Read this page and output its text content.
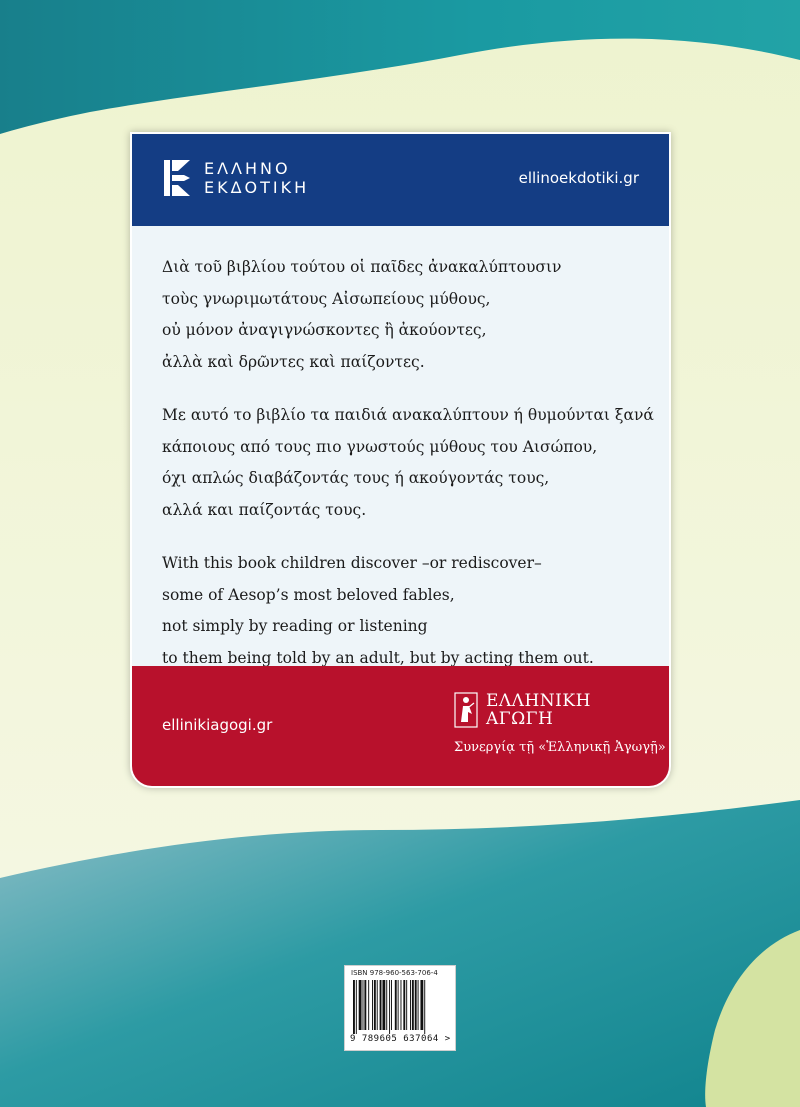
ΕΛΛΗΝΟ
ΕΚΔΟΤΙΚΗ	ellinoekdotiki.gr

Διὰ τοῦ βιβλίου τούτου οἱ παῖδες ἀνακαλύπτουσιν
τοὺς γνωριμωτάτους Αἰσωπείους μύθους,
οὐ μόνον ἀναγιγνώσκοντες ἢ ἀκούοντες,
ἀλλὰ καὶ δρῶντες καὶ παίζοντες.

Με αυτό το βιβλίο τα παιδιά ανακαλύπτουν ή θυμούνται ξανά
κάποιους από τους πιο γνωστούς μύθους του Αισώπου,
όχι απλώς διαβάζοντάς τους ή ακούγοντάς τους,
αλλά και παίζοντάς τους.

With this book children discover –or rediscover–
some of Aesop’s most beloved fables,
not simply by reading or listening
to them being told by an adult, but by acting them out.

ellinikiagogi.gr
ΕΛΛΗΝΙΚΗ
ΑΓΩΓΗ
Συνεργίᾳ τῇ «Ἑλληνικῇ Ἀγωγῇ»
ISBN 978-960-563-706-4
9 789605 637064 >
